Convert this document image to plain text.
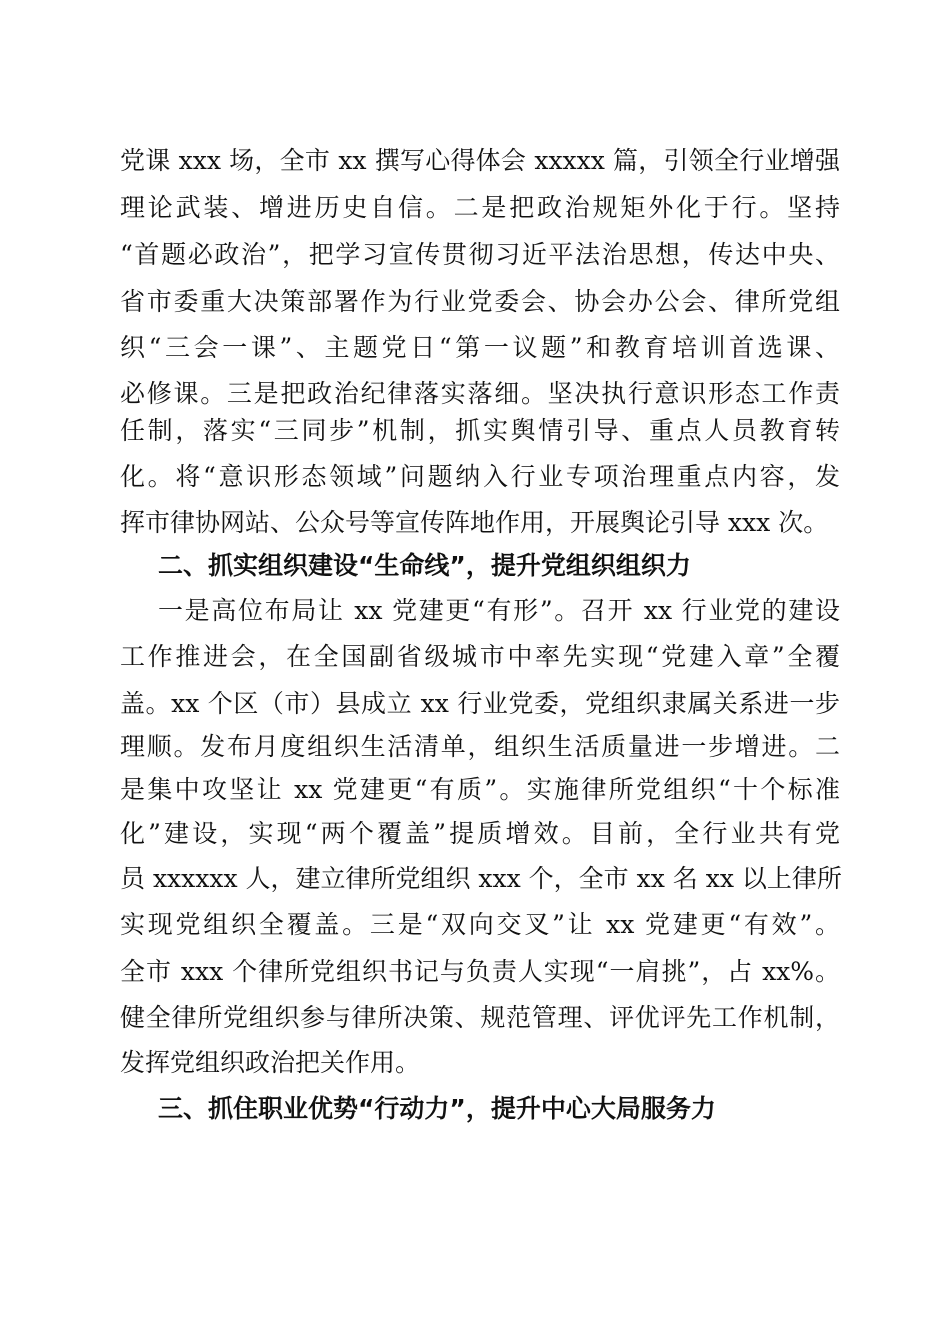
党课 xxx 场，全市 xx 撰写心得体会 xxxxx 篇，引领全行业增强
理论武装、增进历史自信。二是把政治规矩外化于行。坚持
“首题必政治”，把学习宣传贯彻习近平法治思想，传达中央、
省市委重大决策部署作为行业党委会、协会办公会、律所党组
织“三会一课”、主题党日“第一议题”和教育培训首选课、
必修课。三是把政治纪律落实落细。坚决执行意识形态工作责
任制，落实“三同步”机制，抓实舆情引导、重点人员教育转
化。将“意识形态领域”问题纳入行业专项治理重点内容，发
挥市律协网站、公众号等宣传阵地作用，开展舆论引导 xxx 次。
二、抓实组织建设“生命线”，提升党组织组织力
一是高位布局让 xx 党建更“有形”。召开 xx 行业党的建设
工作推进会，在全国副省级城市中率先实现“党建入章”全覆
盖。xx 个区（市）县成立 xx 行业党委，党组织隶属关系进一步
理顺。发布月度组织生活清单，组织生活质量进一步增进。二
是集中攻坚让 xx 党建更“有质”。实施律所党组织“十个标准
化”建设，实现“两个覆盖”提质增效。目前，全行业共有党
员 xxxxxx 人，建立律所党组织 xxx 个，全市 xx 名 xx 以上律所
实现党组织全覆盖。三是“双向交叉”让 xx 党建更“有效”。
全市 xxx 个律所党组织书记与负责人实现“一肩挑”，占 xx%。
健全律所党组织参与律所决策、规范管理、评优评先工作机制，
发挥党组织政治把关作用。
三、抓住职业优势“行动力”，提升中心大局服务力
